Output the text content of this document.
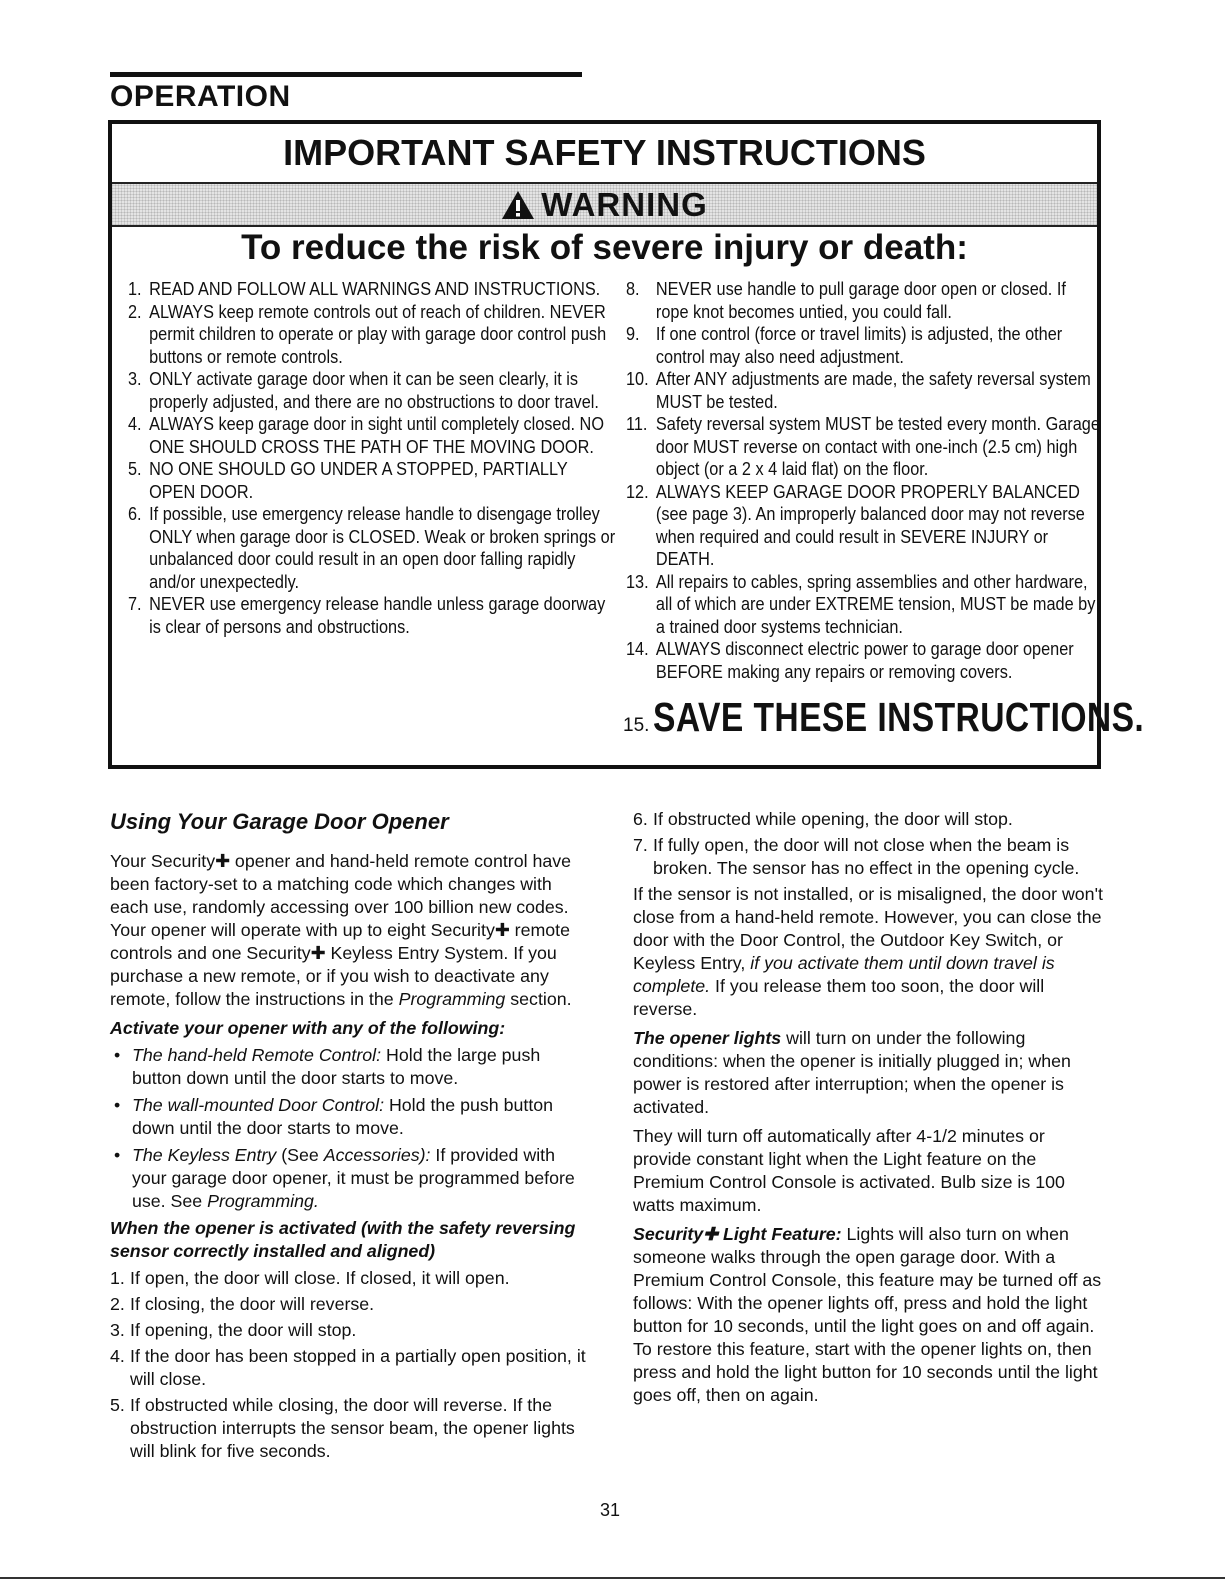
OPERATION
IMPORTANT SAFETY INSTRUCTIONS
WARNING
To reduce the risk of severe injury or death:

1. READ AND FOLLOW ALL WARNINGS AND INSTRUCTIONS.

2. ALWAYS keep remote controls out of reach of children. NEVER permit children to operate or play with garage door control push buttons or remote controls.

3. ONLY activate garage door when it can be seen clearly, it is properly adjusted, and there are no obstructions to door travel.

4. ALWAYS keep garage door in sight until completely closed. NO ONE SHOULD CROSS THE PATH OF THE MOVING DOOR.

5. NO ONE SHOULD GO UNDER A STOPPED, PARTIALLY OPEN DOOR.

6. If possible, use emergency release handle to disengage trolley ONLY when garage door is CLOSED. Weak or broken springs or unbalanced door could result in an open door falling rapidly and/or unexpectedly.

7. NEVER use emergency release handle unless garage doorway is clear of persons and obstructions.

8. NEVER use handle to pull garage door open or closed. If rope knot becomes untied, you could fall.

9. If one control (force or travel limits) is adjusted, the other control may also need adjustment.

10. After ANY adjustments are made, the safety reversal system MUST be tested.

11. Safety reversal system MUST be tested every month. Garage door MUST reverse on contact with one-inch (2.5 cm) high object (or a 2 x 4 laid flat) on the floor.

12. ALWAYS KEEP GARAGE DOOR PROPERLY BALANCED (see page 3). An improperly balanced door may not reverse when required and could result in SEVERE INJURY or DEATH.

13. All repairs to cables, spring assemblies and other hardware, all of which are under EXTREME tension, MUST be made by a trained door systems technician.

14. ALWAYS disconnect electric power to garage door opener BEFORE making any repairs or removing covers.

15. SAVE THESE INSTRUCTIONS.
Using Your Garage Door Opener

Your Security✚ opener and hand-held remote control have been factory-set to a matching code which changes with each use, randomly accessing over 100 billion new codes. Your opener will operate with up to eight Security✚ remote controls and one Security✚ Keyless Entry System. If you purchase a new remote, or if you wish to deactivate any remote, follow the instructions in the Programming section.

Activate your opener with any of the following:

• The hand-held Remote Control: Hold the large push button down until the door starts to move.

• The wall-mounted Door Control: Hold the push button down until the door starts to move.

• The Keyless Entry (See Accessories): If provided with your garage door opener, it must be programmed before use. See Programming.

When the opener is activated (with the safety reversing sensor correctly installed and aligned)

1. If open, the door will close. If closed, it will open.

2. If closing, the door will reverse.

3. If opening, the door will stop.

4. If the door has been stopped in a partially open position, it will close.

5. If obstructed while closing, the door will reverse. If the obstruction interrupts the sensor beam, the opener lights will blink for five seconds.

6. If obstructed while opening, the door will stop.

7. If fully open, the door will not close when the beam is broken. The sensor has no effect in the opening cycle.

If the sensor is not installed, or is misaligned, the door won't close from a hand-held remote. However, you can close the door with the Door Control, the Outdoor Key Switch, or Keyless Entry, if you activate them until down travel is complete. If you release them too soon, the door will reverse.

The opener lights will turn on under the following conditions: when the opener is initially plugged in; when power is restored after interruption; when the opener is activated.

They will turn off automatically after 4-1/2 minutes or provide constant light when the Light feature on the Premium Control Console is activated. Bulb size is 100 watts maximum.

Security✚ Light Feature: Lights will also turn on when someone walks through the open garage door. With a Premium Control Console, this feature may be turned off as follows: With the opener lights off, press and hold the light button for 10 seconds, until the light goes on and off again. To restore this feature, start with the opener lights on, then press and hold the light button for 10 seconds until the light goes off, then on again.

31
